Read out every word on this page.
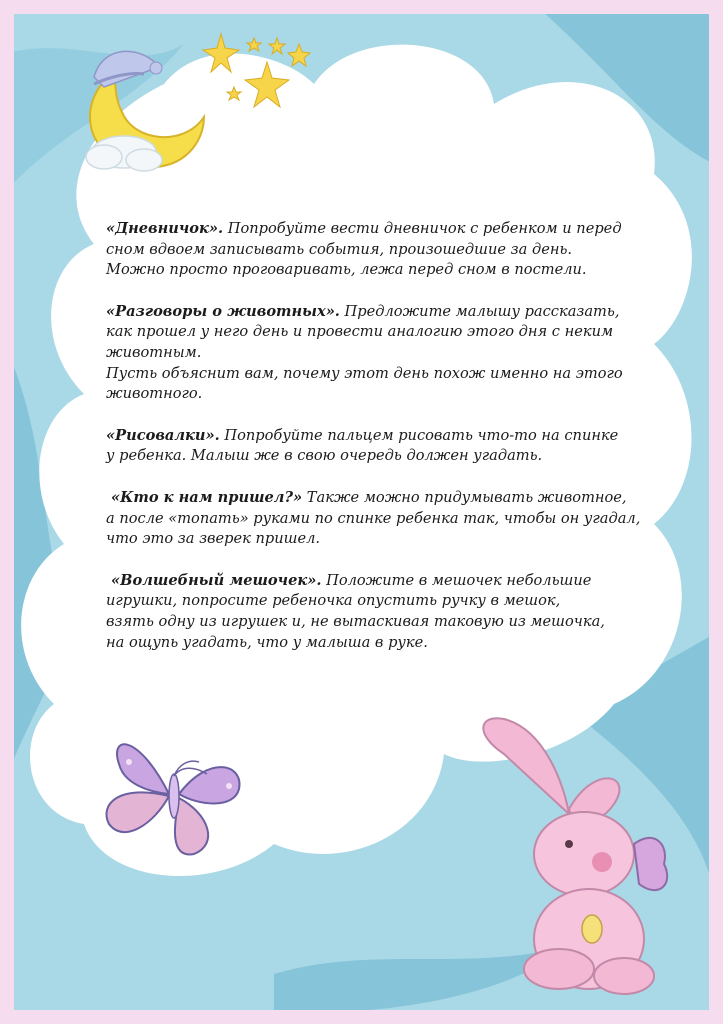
«Дневничок». Попробуйте вести дневничок с ребенком и перед
сном вдвоем записывать события, произошедшие за день.
Можно просто проговаривать, лежа перед сном в постели.

«Разговоры о животных». Предложите малышу рассказать,
как прошел у него день и провести аналогию этого дня с неким
животным.
Пусть объяснит вам, почему этот день похож именно на этого
животного.

«Рисовалки». Попробуйте пальцем рисовать что-то на спинке
у ребенка. Малыш же в свою очередь должен угадать.

«Кто к нам пришел?» Также можно придумывать животное,
а после «топать» руками по спинке ребенка так, чтобы он угадал,
что это за зверек пришел.

«Волшебный мешочек». Положите в мешочек небольшие
игрушки, попросите ребеночка опустить ручку в мешок,
взять одну из игрушек и, не вытаскивая таковую из мешочка,
на ощупь угадать, что у малыша в руке.
